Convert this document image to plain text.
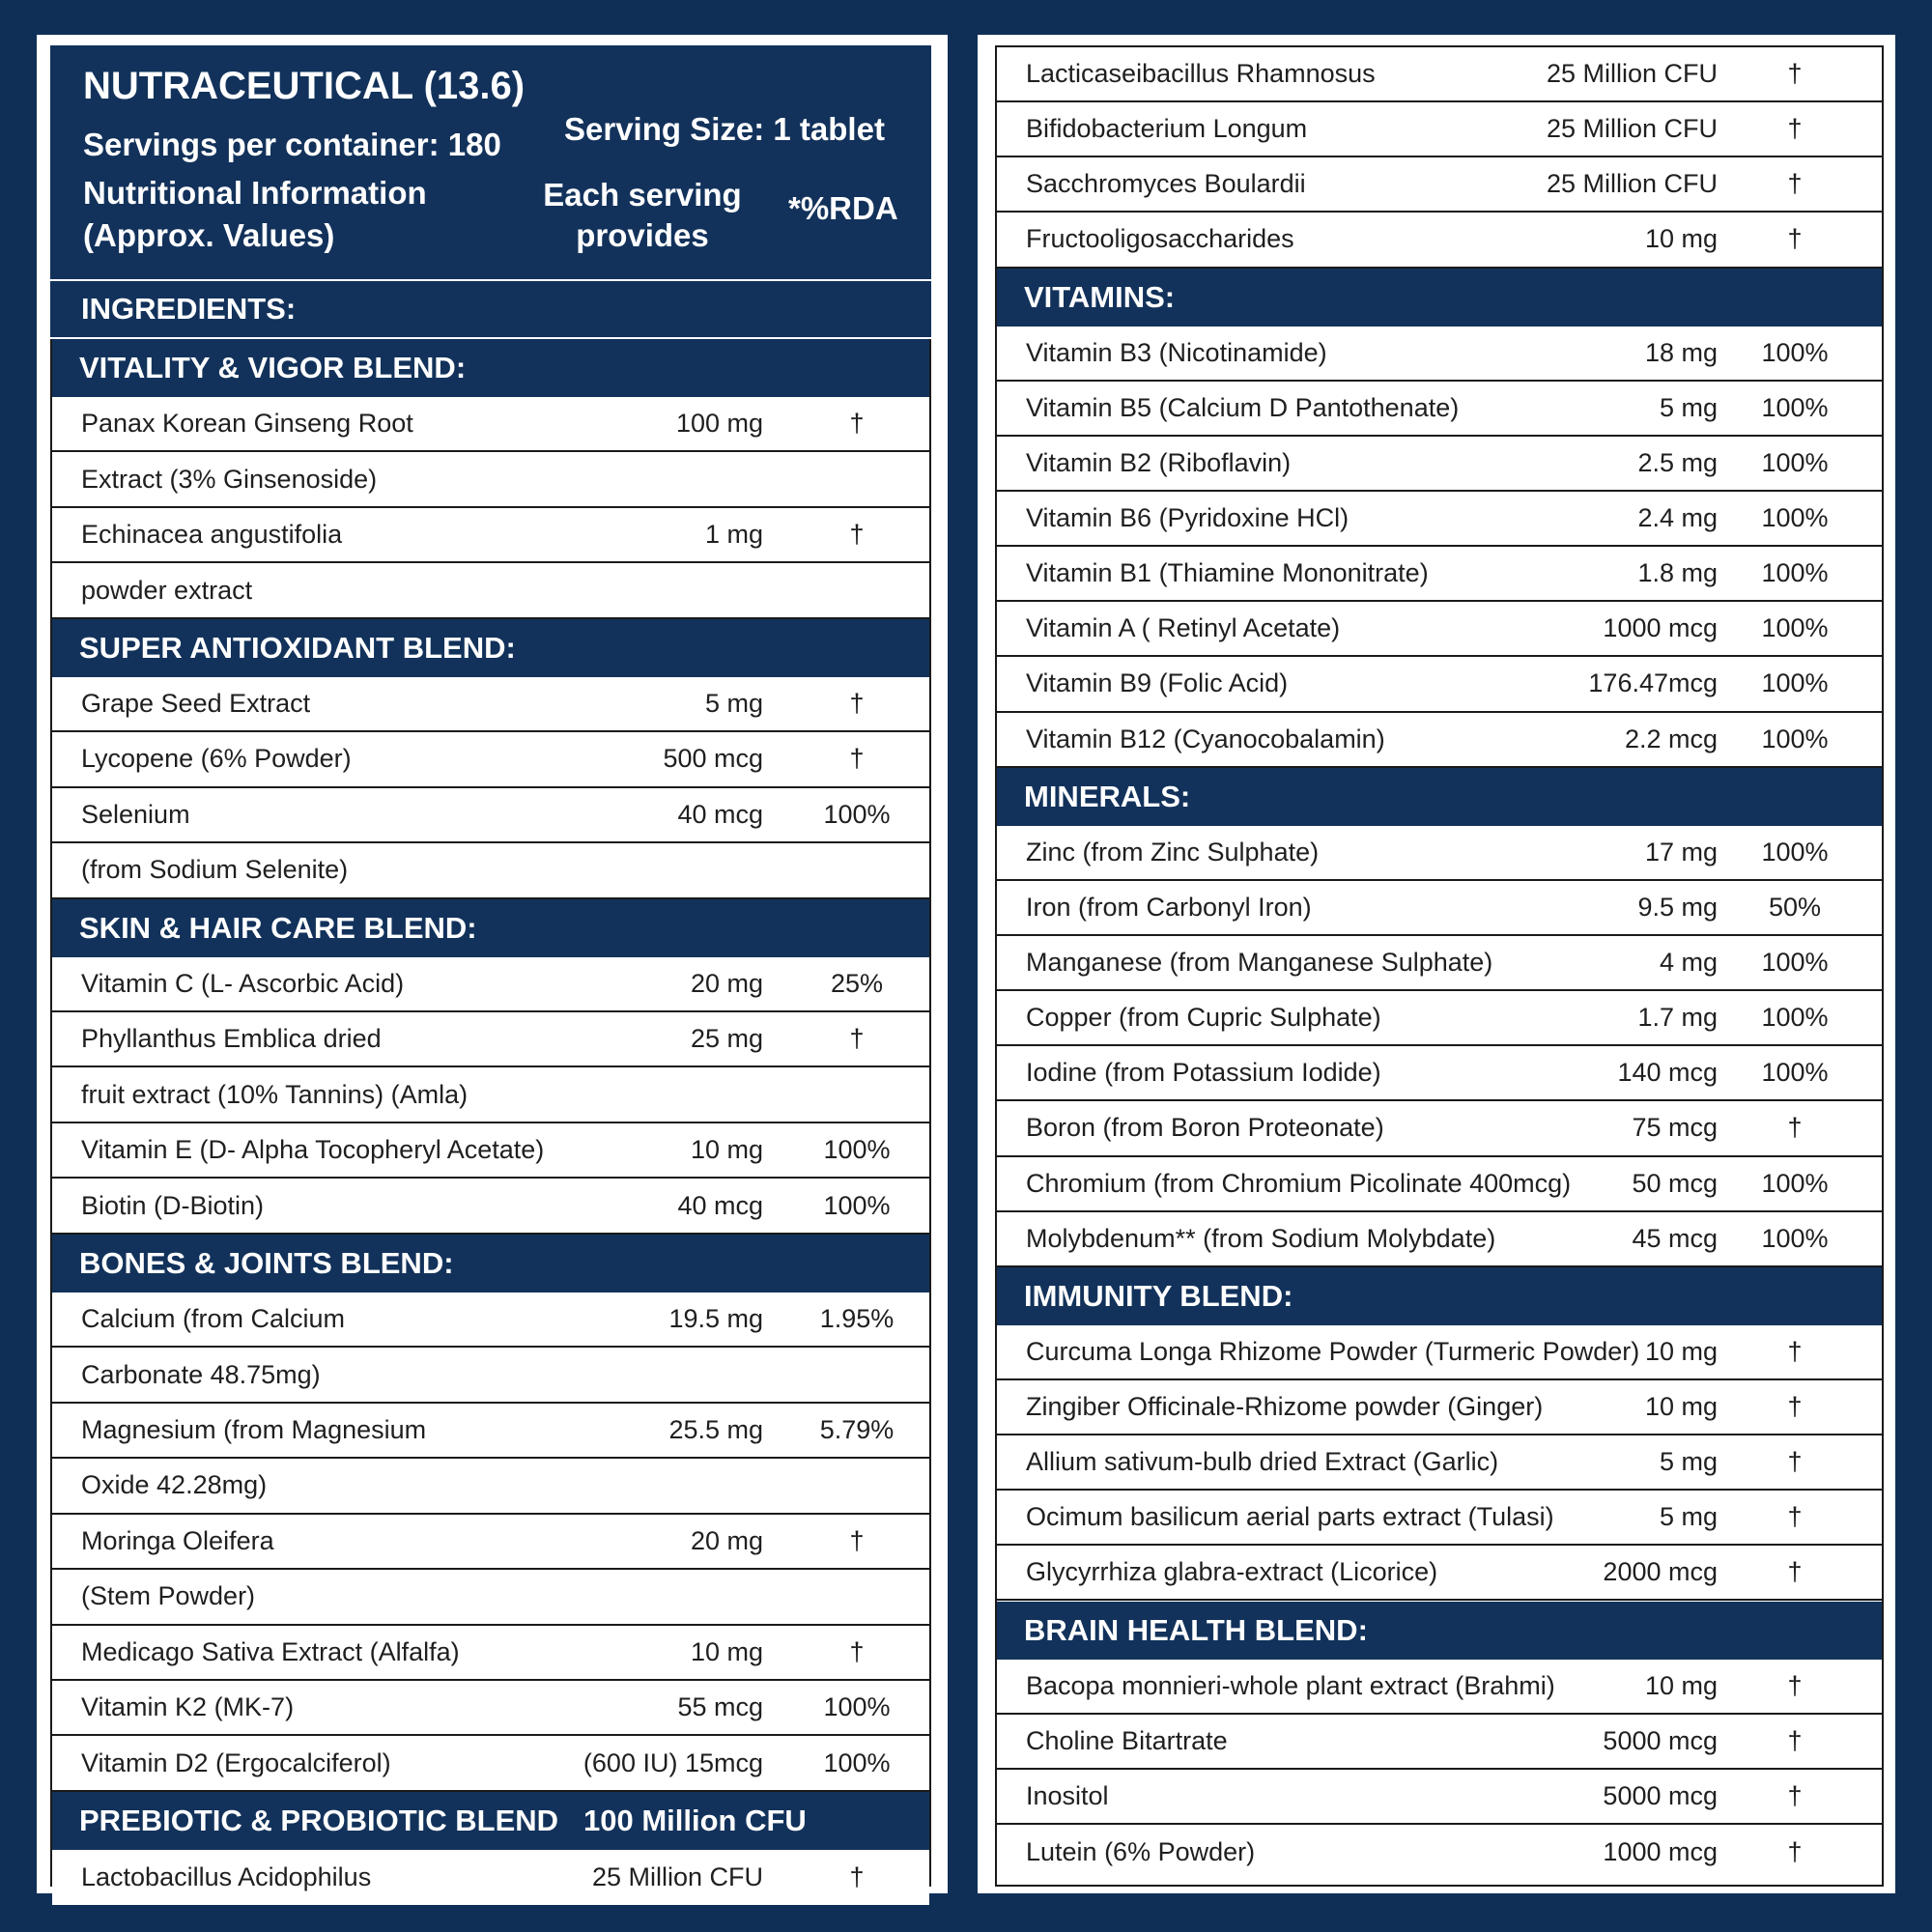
NUTRACEUTICAL (13.6)
Servings per container: 180 Serving Size: 1 tablet
Nutritional Information
(Approx. Values)
Each serving
provides
*%RDA
INGREDIENTS:
VITALITY & VIGOR BLEND:
Panax Korean Ginseng Root	100 mg	†
Extract (3% Ginsenoside)
Echinacea angustifolia	1 mg	†
powder extract
SUPER ANTIOXIDANT BLEND:
Grape Seed Extract	5 mg	†
Lycopene (6% Powder)	500 mcg	†
Selenium	40 mcg	100%
(from Sodium Selenite)
SKIN & HAIR CARE BLEND:
Vitamin C (L- Ascorbic Acid)	20 mg	25%
Phyllanthus Emblica dried	25 mg	†
fruit extract (10% Tannins) (Amla)
Vitamin E (D- Alpha Tocopheryl Acetate)	10 mg	100%
Biotin (D-Biotin)	40 mcg	100%
BONES & JOINTS BLEND:
Calcium (from Calcium	19.5 mg	1.95%
Carbonate 48.75mg)
Magnesium (from Magnesium	25.5 mg	5.79%
Oxide 42.28mg)
Moringa Oleifera	20 mg	†
(Stem Powder)
Medicago Sativa Extract (Alfalfa)	10 mg	†
Vitamin K2 (MK-7)	55 mcg	100%
Vitamin D2 (Ergocalciferol)	(600 IU) 15mcg	100%
PREBIOTIC & PROBIOTIC BLEND 100 Million CFU
Lactobacillus Acidophilus	25 Million CFU	†
Lacticaseibacillus Rhamnosus	25 Million CFU	†
Bifidobacterium Longum	25 Million CFU	†
Sacchromyces Boulardii	25 Million CFU	†
Fructooligosaccharides	10 mg	†
VITAMINS:
Vitamin B3 (Nicotinamide)	18 mg	100%
Vitamin B5 (Calcium D Pantothenate)	5 mg	100%
Vitamin B2 (Riboflavin)	2.5 mg	100%
Vitamin B6 (Pyridoxine HCl)	2.4 mg	100%
Vitamin B1 (Thiamine Mononitrate)	1.8 mg	100%
Vitamin A ( Retinyl Acetate)	1000 mcg	100%
Vitamin B9 (Folic Acid)	176.47mcg	100%
Vitamin B12 (Cyanocobalamin)	2.2 mcg	100%
MINERALS:
Zinc (from Zinc Sulphate)	17 mg	100%
Iron (from Carbonyl Iron)	9.5 mg	50%
Manganese (from Manganese Sulphate)	4 mg	100%
Copper (from Cupric Sulphate)	1.7 mg	100%
Iodine (from Potassium Iodide)	140 mcg	100%
Boron (from Boron Proteonate)	75 mcg	†
Chromium (from Chromium Picolinate 400mcg)	50 mcg	100%
Molybdenum** (from Sodium Molybdate)	45 mcg	100%
IMMUNITY BLEND:
Curcuma Longa Rhizome Powder (Turmeric Powder) 10 mg	†
Zingiber Officinale-Rhizome powder (Ginger)	10 mg	†
Allium sativum-bulb dried Extract (Garlic)	5 mg	†
Ocimum basilicum aerial parts extract (Tulasi)	5 mg	†
Glycyrrhiza glabra-extract (Licorice)	2000 mcg	†
BRAIN HEALTH BLEND:
Bacopa monnieri-whole plant extract (Brahmi)	10 mg	†
Choline Bitartrate	5000 mcg	†
Inositol	5000 mcg	†
Lutein (6% Powder)	1000 mcg	†
